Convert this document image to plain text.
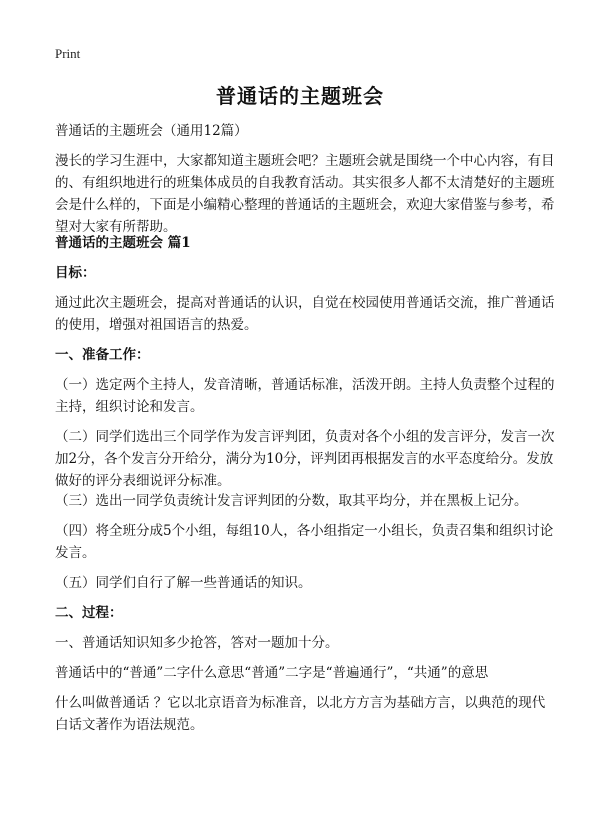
Print
普通话的主题班会
普通话的主题班会（通用12篇）
漫长的学习生涯中，大家都知道主题班会吧？主题班会就是围绕一个中心内容，有目的、有组织地进行的班集体成员的自我教育活动。其实很多人都不太清楚好的主题班会是什么样的，下面是小编精心整理的普通话的主题班会，欢迎大家借鉴与参考，希望对大家有所帮助。
普通话的主题班会 篇1
目标：
通过此次主题班会，提高对普通话的认识，自觉在校园使用普通话交流，推广普通话的使用，增强对祖国语言的热爱。
一、准备工作：
（一）选定两个主持人，发音清晰，普通话标准，活泼开朗。主持人负责整个过程的主持，组织讨论和发言。
（二）同学们选出三个同学作为发言评判团，负责对各个小组的发言评分，发言一次加2分，各个发言分开给分，满分为10分，评判团再根据发言的水平态度给分。发放做好的评分表细说评分标准。
（三）选出一同学负责统计发言评判团的分数，取其平均分，并在黑板上记分。
（四）将全班分成5个小组，每组10人，各小组指定一小组长，负责召集和组织讨论发言。
（五）同学们自行了解一些普通话的知识。
二、过程：
一、普通话知识知多少抢答，答对一题加十分。
普通话中的“普通”二字什么意思“普通”二字是“普遍通行”，“共通”的意思
什么叫做普通话 ？它以北京语音为标准音，以北方方言为基础方言，以典范的现代白话文著作为语法规范。
